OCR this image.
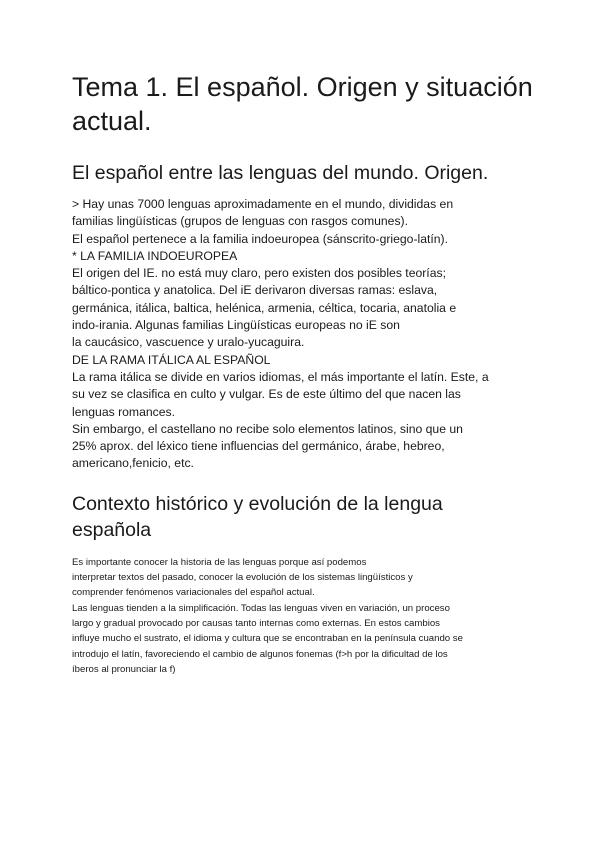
Tema 1. El español. Origen y situación
actual.
El español entre las lenguas del mundo. Origen.
> Hay unas 7000 lenguas aproximadamente en el mundo, divididas en
familias lingüísticas (grupos de lenguas con rasgos comunes).
El español pertenece a la familia indoeuropea (sánscrito-griego-latín).
* LA FAMILIA INDOEUROPEA
El origen del IE. no está muy claro, pero existen dos posibles teorías;
báltico-pontica y anatolica. Del iE derivaron diversas ramas: eslava,
germánica, itálica, baltica, helénica, armenia, céltica, tocaria, anatolia e
indo-irania. Algunas familias Lingüísticas europeas no iE son
la caucásico, vascuence y uralo-yucaguira.
DE LA RAMA ITÁLICA AL ESPAÑOL
La rama itálica se divide en varios idiomas, el más importante el latín. Este, a
su vez se clasifica en culto y vulgar. Es de este último del que nacen las
lenguas romances.
Sin embargo, el castellano no recibe solo elementos latinos, sino que un
25% aprox. del léxico tiene influencias del germánico, árabe, hebreo,
americano,fenicio, etc.
Contexto histórico y evolución de la lengua
española
Es importante conocer la historia de las lenguas porque así podemos
interpretar textos del pasado, conocer la evolución de los sistemas lingüísticos y
comprender fenómenos variacionales del español actual.
Las lenguas tienden a la simplificación. Todas las lenguas viven en variación, un proceso
largo y gradual provocado por causas tanto internas como externas. En estos cambios
influye mucho el sustrato, el idioma y cultura que se encontraban en la península cuando se
introdujo el latín, favoreciendo el cambio de algunos fonemas (f>h por la dificultad de los
íberos al pronunciar la f)
